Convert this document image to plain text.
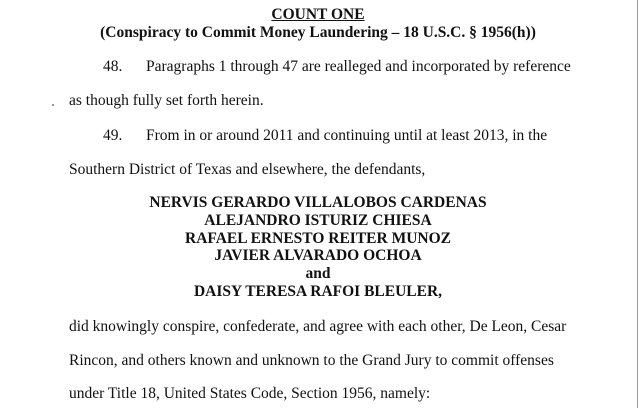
COUNT ONE
(Conspiracy to Commit Money Laundering – 18 U.S.C. § 1956(h))
48. Paragraphs 1 through 47 are realleged and incorporated by reference
as though fully set forth herein.
49. From in or around 2011 and continuing until at least 2013, in the
Southern District of Texas and elsewhere, the defendants,
NERVIS GERARDO VILLALOBOS CARDENAS
ALEJANDRO ISTURIZ CHIESA
RAFAEL ERNESTO REITER MUNOZ
JAVIER ALVARADO OCHOA
and
DAISY TERESA RAFOI BLEULER,
did knowingly conspire, confederate, and agree with each other, De Leon, Cesar
Rincon, and others known and unknown to the Grand Jury to commit offenses
under Title 18, United States Code, Section 1956, namely:
